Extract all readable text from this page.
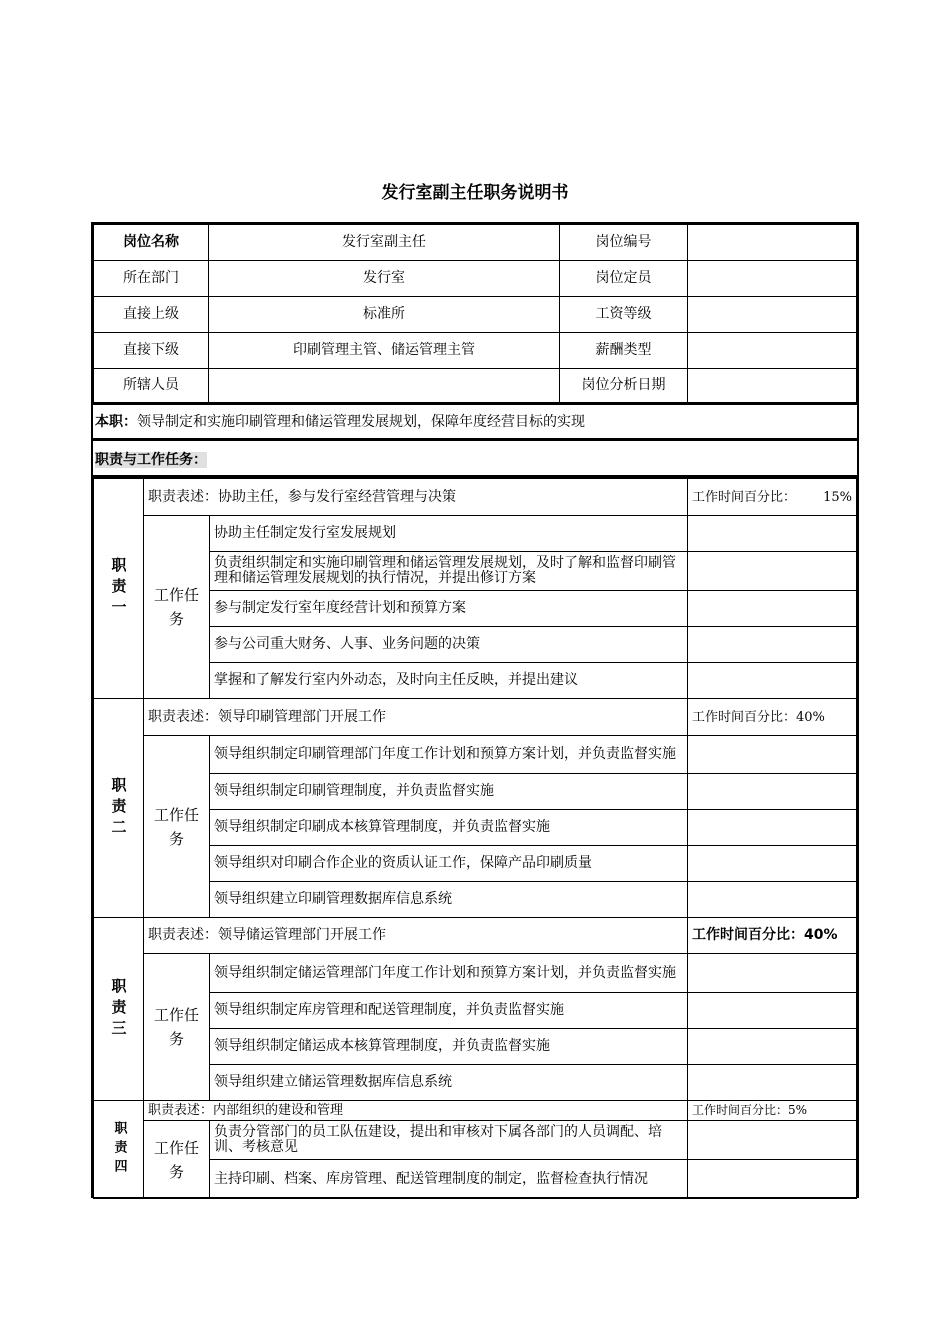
发行室副主任职务说明书
岗位名称	发行室副主任	岗位编号	
所在部门	发行室	岗位定员	
直接上级	标准所	工资等级	
直接下级	印刷管理主管、储运管理主管	薪酬类型	
所辖人员		岗位分析日期	
本职：领导制定和实施印刷管理和储运管理发展规划，保障年度经营目标的实现
职责与工作任务：
职责一	职责表述：协助主任，参与发行室经营管理与决策		工作时间百分比： 15%

	工作任务	协助主任制定发行室发展规划	
		负责组织制定和实施印刷管理和储运管理发展规划，及时了解和监督印刷管理和储运管理发展规划的执行情况，并提出修订方案	
		参与制定发行室年度经营计划和预算方案	
		参与公司重大财务、人事、业务问题的决策	
		掌握和了解发行室内外动态，及时向主任反映，并提出建议	
职责二	职责表述：领导印刷管理部门开展工作		工作时间百分比：40%
	工作任务	领导组织制定印刷管理部门年度工作计划和预算方案计划，并负责监督实施	
		领导组织制定印刷管理制度，并负责监督实施	
		领导组织制定印刷成本核算管理制度，并负责监督实施	
		领导组织对印刷合作企业的资质认证工作，保障产品印刷质量	
		领导组织建立印刷管理数据库信息系统	
职责三	职责表述：领导储运管理部门开展工作		工作时间百分比：40%
	工作任务	领导组织制定储运管理部门年度工作计划和预算方案计划，并负责监督实施	
		领导组织制定库房管理和配送管理制度，并负责监督实施	
		领导组织制定储运成本核算管理制度，并负责监督实施	
		领导组织建立储运管理数据库信息系统	
职责四	职责表述：内部组织的建设和管理		工作时间百分比：5%
	工作任务	负责分管部门的员工队伍建设，提出和审核对下属各部门的人员调配、培训、考核意见	
		主持印刷、档案、库房管理、配送管理制度的制定，监督检查执行情况	
